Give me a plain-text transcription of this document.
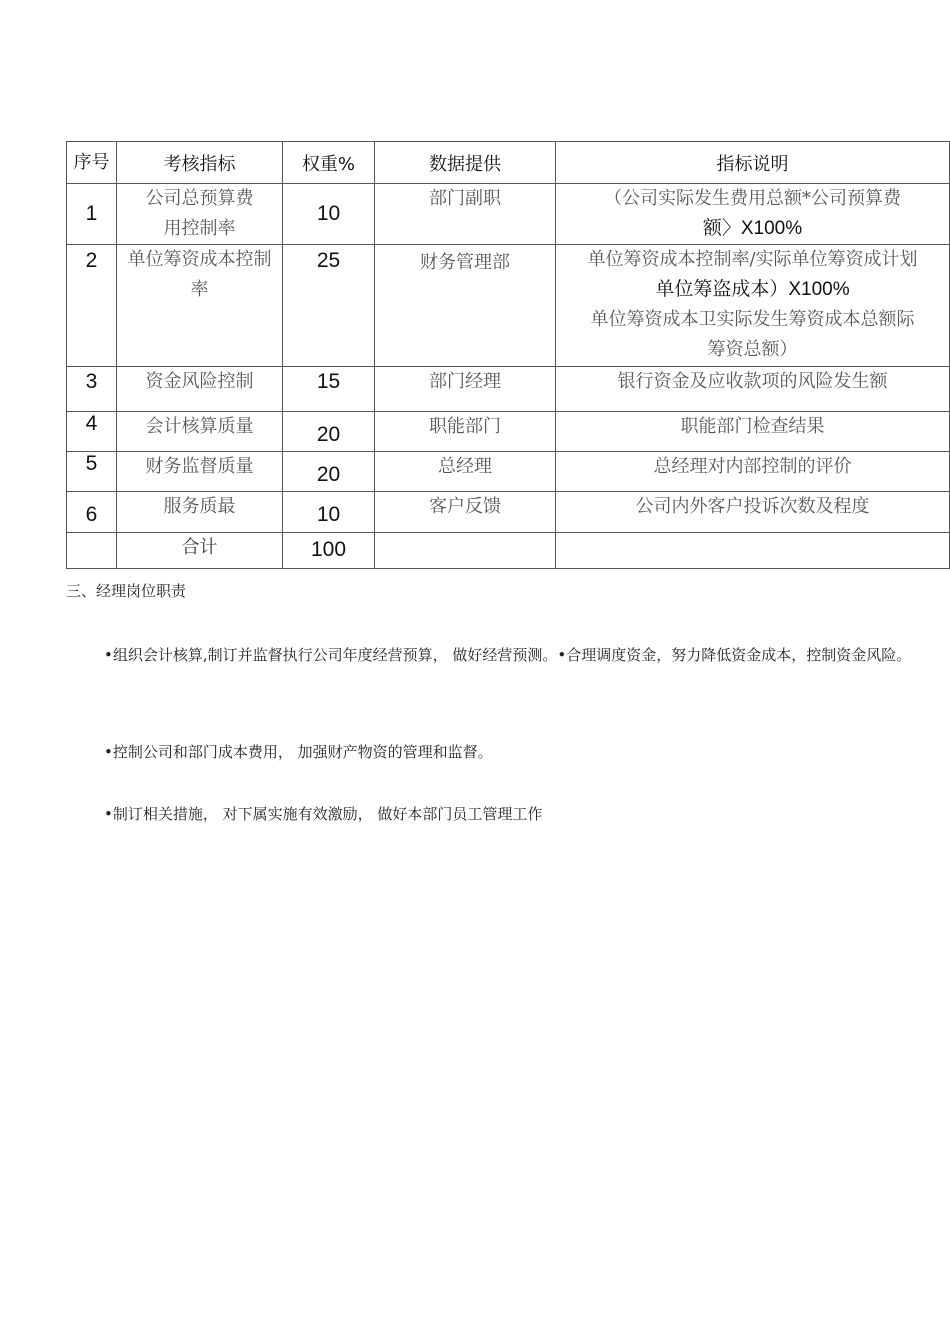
序号	考核指标	权重%	数据提供	指标说明
1	公司总预算费用控制率	10	部门副职	（公司实际发生费用总额*公司预算费
额〉X100%

2	单位筹资成本控制率	25	财务管理部	单位筹资成本控制率/实际单位筹资成计划
单位筹盗成本）X100%
单位筹资成本卫实际发生筹资成本总额际
筹资总额）

3	资金风险控制	15	部门经理	银行资金及应收款项的风险发生额

4	会计核算质量	20	职能部门	职能部门检查结果

5	财务监督质量	20	总经理	总经理对内部控制的评价

6	服务质最	10	客户反馈	公司内外客户投诉次数及程度

	合计	100		
三、经理岗位职责
•组织会计核算,制订并监督执行公司年度经营预算， 做好经营预测。•合理调度资金，努力降低资金成本，控制资金风险。
•控制公司和部门成本费用， 加强财产物资的管理和监督。
•制订相关措施， 对下属实施有效激励， 做好本部门员工管理工作
